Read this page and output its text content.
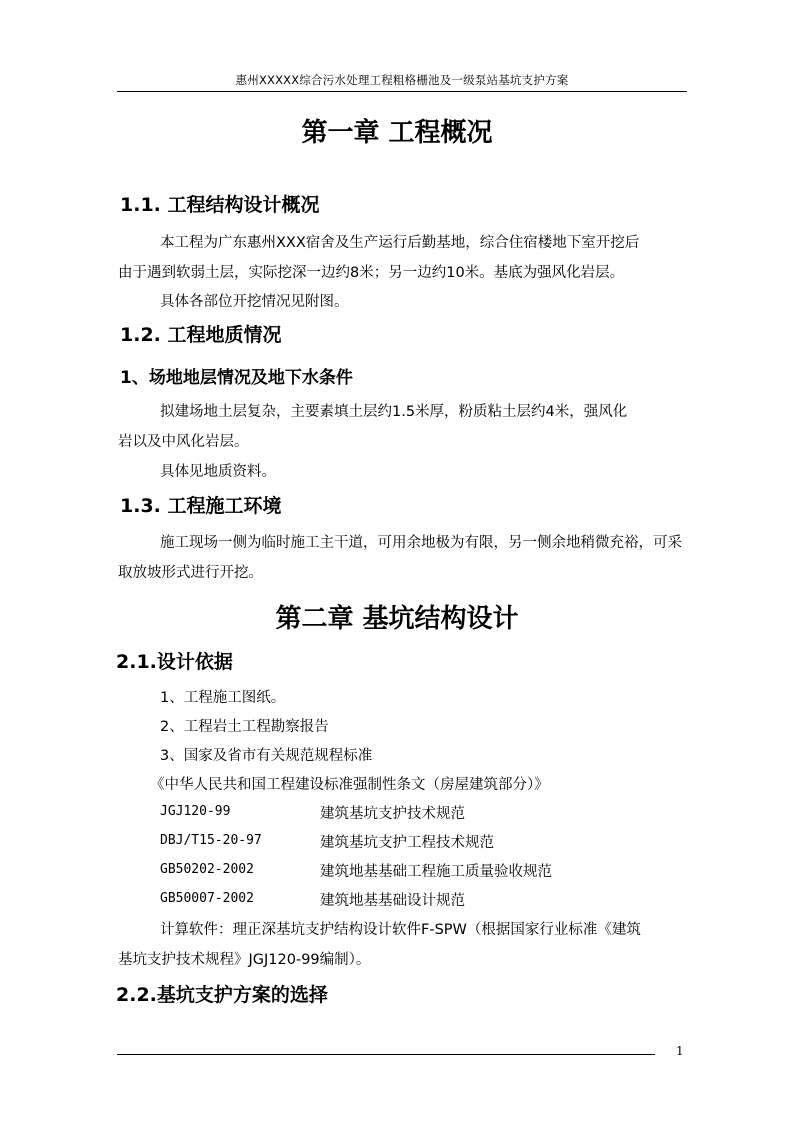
惠州XXXXX综合污水处理工程粗格栅池及一级泵站基坑支护方案
第一章 工程概况
1.1. 工程结构设计概况
本工程为广东惠州XXX宿舍及生产运行后勤基地，综合住宿楼地下室开挖后
由于遇到软弱土层，实际挖深一边约8米；另一边约10米。基底为强风化岩层。
具体各部位开挖情况见附图。
1.2. 工程地质情况
1、场地地层情况及地下水条件
拟建场地土层复杂，主要素填土层约1.5米厚，粉质粘土层约4米，强风化
岩以及中风化岩层。
具体见地质资料。
1.3. 工程施工环境
施工现场一侧为临时施工主干道，可用余地极为有限，另一侧余地稍微充裕，可采
取放坡形式进行开挖。
第二章 基坑结构设计
2.1.设计依据
1、工程施工图纸。
2、工程岩土工程勘察报告
3、国家及省市有关规范规程标准
《中华人民共和国工程建设标准强制性条文（房屋建筑部分）》
JGJ120-99	建筑基坑支护技术规范
DBJ/T15-20-97	建筑基坑支护工程技术规范
GB50202-2002	建筑地基基础工程施工质量验收规范
GB50007-2002	建筑地基基础设计规范
计算软件：理正深基坑支护结构设计软件F-SPW（根据国家行业标准《建筑
基坑支护技术规程》JGJ120-99编制）。
2.2.基坑支护方案的选择
1
